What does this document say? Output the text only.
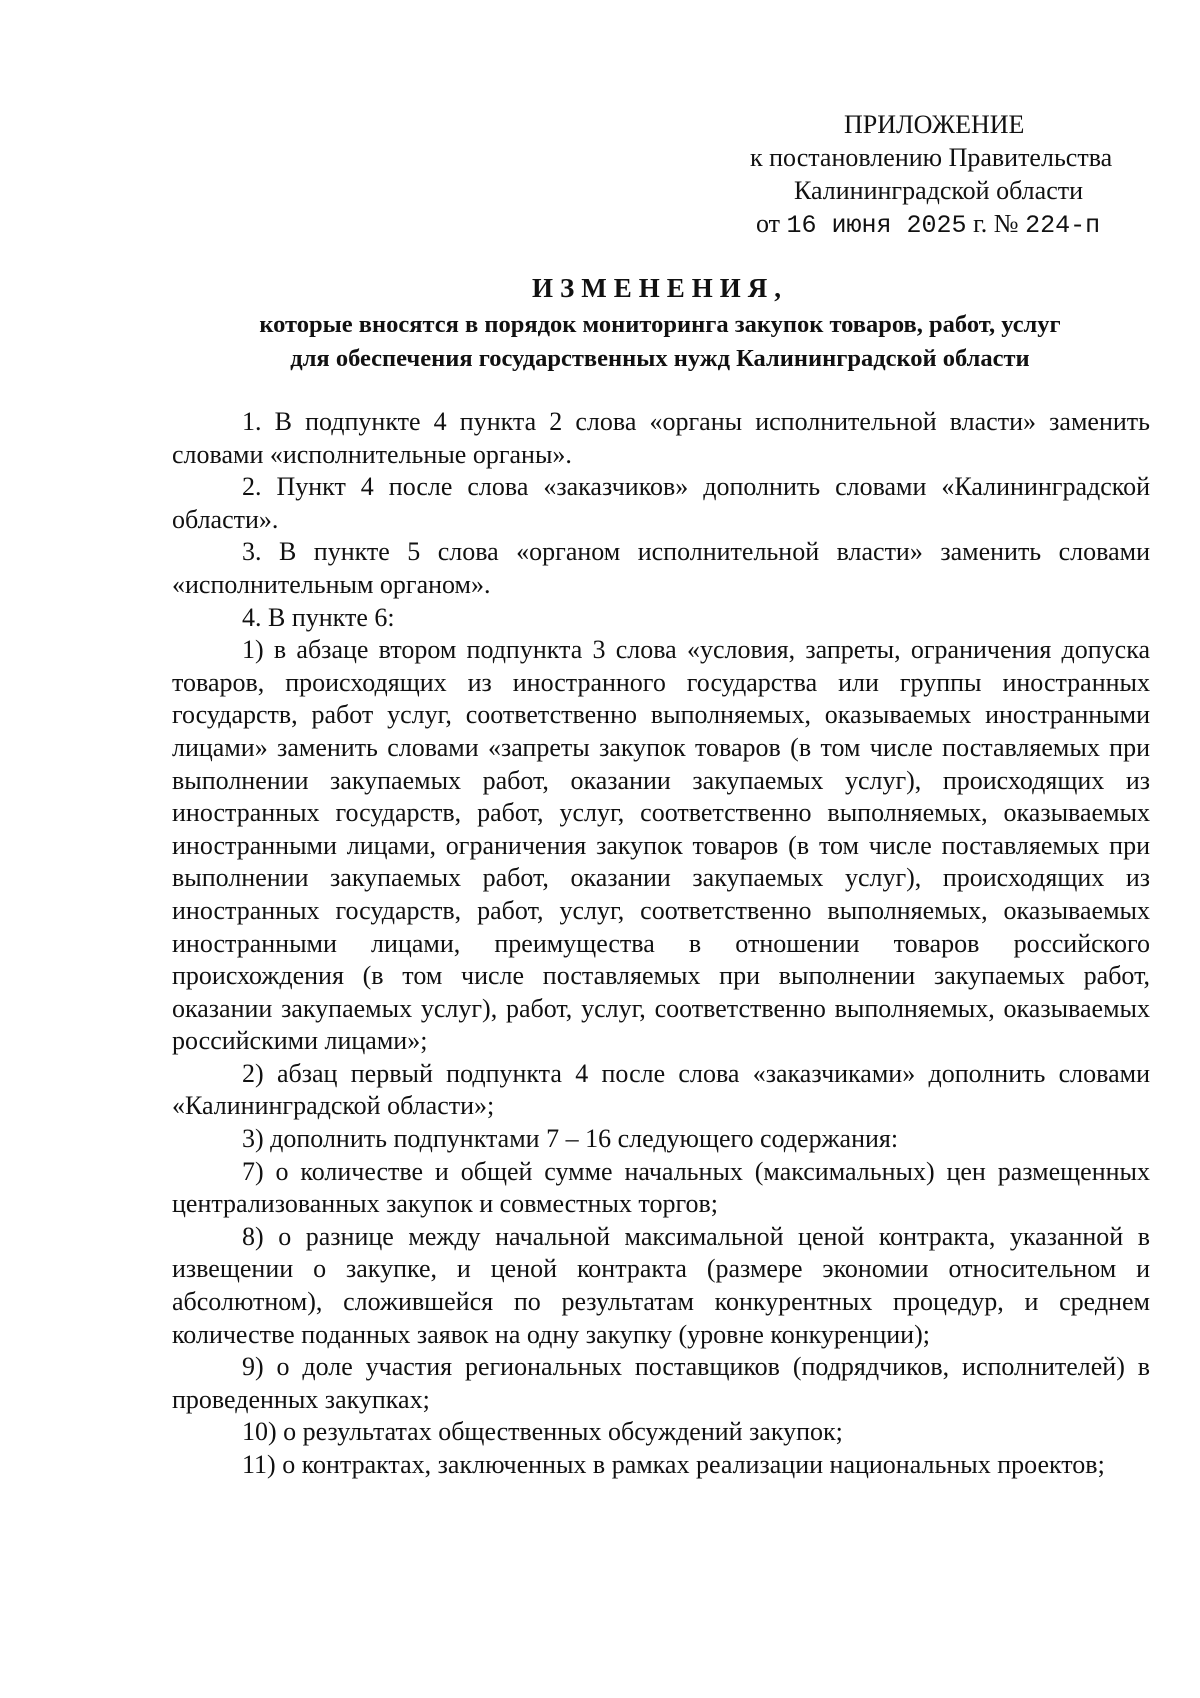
ПРИЛОЖЕНИЕ
к постановлению Правительства
Калининградской области
от 16 июня 2025 г. № 224-п
ИЗМЕНЕНИЯ,
которые вносятся в порядок мониторинга закупок товаров, работ, услуг
для обеспечения государственных нужд Калининградской области

1. В подпункте 4 пункта 2 слова «органы исполнительной власти» заменить словами «исполнительные органы».

2. Пункт 4 после слова «заказчиков» дополнить словами «Калининградской области».

3. В пункте 5 слова «органом исполнительной власти» заменить словами «исполнительным органом».

4. В пункте 6:

1) в абзаце втором подпункта 3 слова «условия, запреты, ограничения допуска товаров, происходящих из иностранного государства или группы иностранных государств, работ услуг, соответственно выполняемых, оказываемых иностранными лицами» заменить словами «запреты закупок товаров (в том числе поставляемых при выполнении закупаемых работ, оказании закупаемых услуг), происходящих из иностранных государств, работ, услуг, соответственно выполняемых, оказываемых иностранными лицами, ограничения закупок товаров (в том числе поставляемых при выполнении закупаемых работ, оказании закупаемых услуг), происходящих из иностранных государств, работ, услуг, соответственно выполняемых, оказываемых иностранными лицами, преимущества в отношении товаров российского происхождения (в том числе поставляемых при выполнении закупаемых работ, оказании закупаемых услуг), работ, услуг, соответственно выполняемых, оказываемых российскими лицами»;

2) абзац первый подпункта 4 после слова «заказчиками» дополнить словами «Калининградской области»;

3) дополнить подпунктами 7 – 16 следующего содержания:

7) о количестве и общей сумме начальных (максимальных) цен размещенных централизованных закупок и совместных торгов;

8) о разнице между начальной максимальной ценой контракта, указанной в извещении о закупке, и ценой контракта (размере экономии относительном и абсолютном), сложившейся по результатам конкурентных процедур, и среднем количестве поданных заявок на одну закупку (уровне конкуренции);

9) о доле участия региональных поставщиков (подрядчиков, исполнителей) в проведенных закупках;

10) о результатах общественных обсуждений закупок;

11) о контрактах, заключенных в рамках реализации национальных проектов;
